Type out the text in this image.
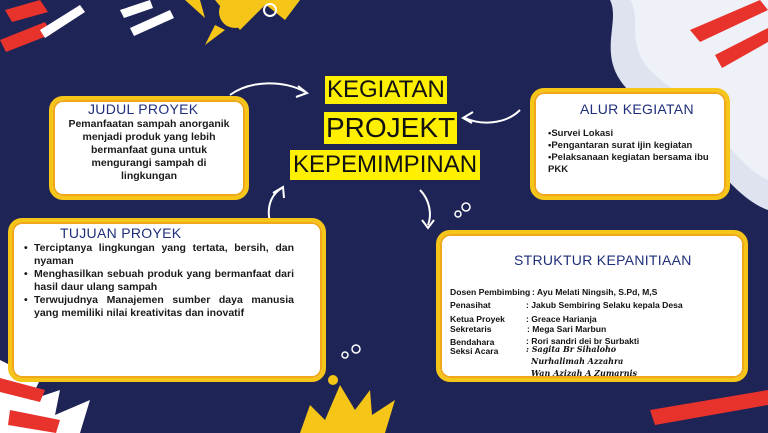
KEGIATAN
PROJEKT
KEPEMIMPINAN
JUDUL PROYEK
Pemanfaatan sampah anorganik menjadi produk yang lebih bermanfaat guna untuk mengurangi sampah di lingkungan
ALUR KEGIATAN
•Survei Lokasi
•Pengantaran surat ijin kegiatan
•Pelaksanaan kegiatan bersama ibu PKK
TUJUAN PROYEK
• Terciptanya lingkungan yang tertata, bersih, dan nyaman
• Menghasilkan sebuah produk yang bermanfaat dari hasil daur ulang sampah
• Terwujudnya Manajemen sumber daya manusia yang memiliki nilai kreativitas dan inovatif
STRUKTUR KEPANITIAAN
Dosen Pembimbing : Ayu Melati Ningsih, S.Pd, M,S
Penasihat	: Jakub Sembiring Selaku kepala Desa
Ketua Proyek : Greace Harianja
Sekretaris	: Mega Sari Marbun
Bendahara	: Rori sandri dei br Surbakti
Seksi Acara	: Sagita Br Sihaloho
Nurhalimah Azzahra
Wan Azizah A Zumarnis
